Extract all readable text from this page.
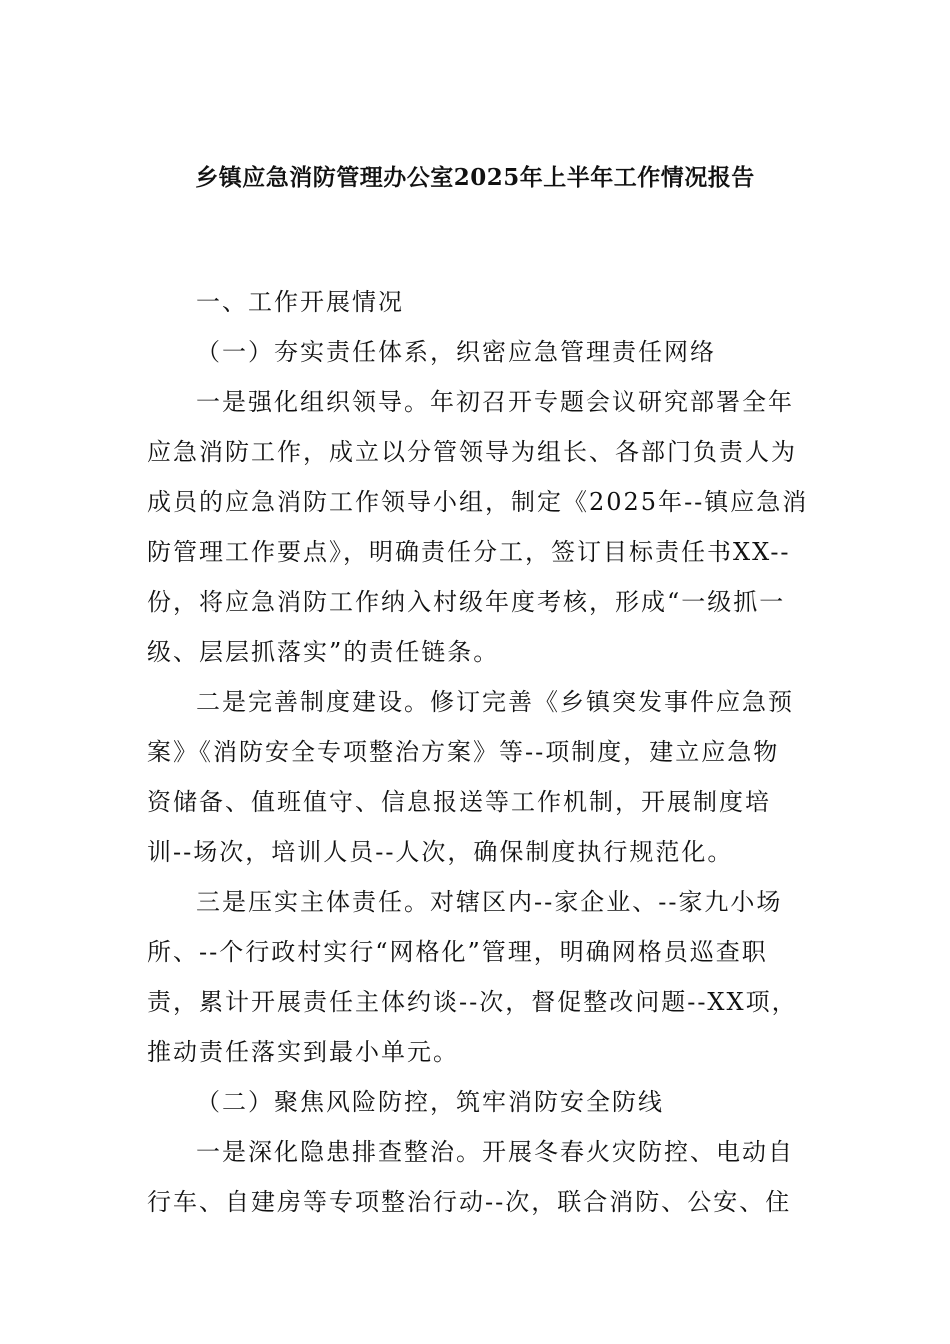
乡镇应急消防管理办公室2025年上半年工作情况报告
一、工作开展情况
（一）夯实责任体系，织密应急管理责任网络
一是强化组织领导。年初召开专题会议研究部署全年
应急消防工作，成立以分管领导为组长、各部门负责人为
成员的应急消防工作领导小组，制定《2025年--镇应急消
防管理工作要点》，明确责任分工，签订目标责任书XX--
份，将应急消防工作纳入村级年度考核，形成“一级抓一
级、层层抓落实”的责任链条。
二是完善制度建设。修订完善《乡镇突发事件应急预
案》《消防安全专项整治方案》等--项制度，建立应急物
资储备、值班值守、信息报送等工作机制，开展制度培
训--场次，培训人员--人次，确保制度执行规范化。
三是压实主体责任。对辖区内--家企业、--家九小场
所、--个行政村实行“网格化”管理，明确网格员巡查职
责，累计开展责任主体约谈--次，督促整改问题--XX项，
推动责任落实到最小单元。
（二）聚焦风险防控，筑牢消防安全防线
一是深化隐患排查整治。开展冬春火灾防控、电动自
行车、自建房等专项整治行动--次，联合消防、公安、住
